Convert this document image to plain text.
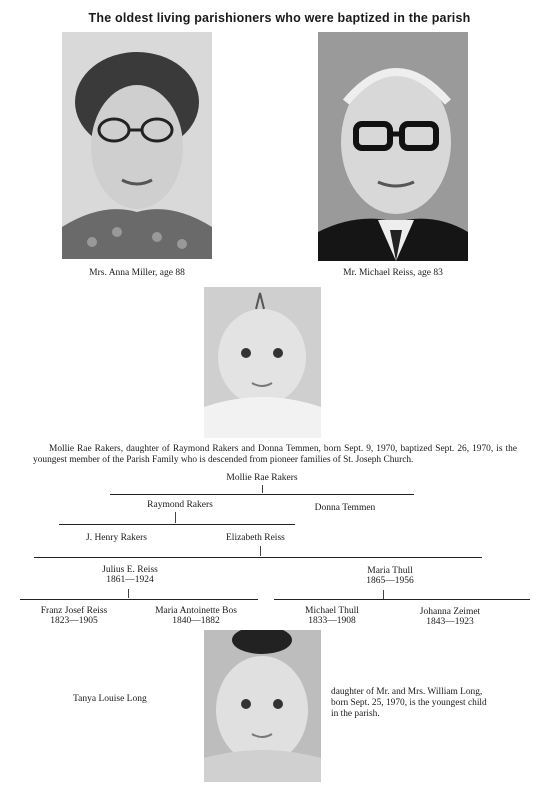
The oldest living parishioners who were baptized in the parish
Mrs. Anna Miller, age 88	Mr. Michael Reiss, age 83
Mollie Rae Rakers, daughter of Raymond Rakers and Donna Temmen, born Sept. 9, 1970, baptized Sept. 26, 1970, is the youngest member of the Parish Family who is descended from pioneer families of St. Joseph Church.
Mollie Rae Rakers
Raymond Rakers	Donna Temmen
J. Henry Rakers	Elizabeth Reiss
Julius E. Reiss
1861—1924
Maria Thull
1865—1956
Franz Josef Reiss
1823—1905
Maria Antoinette Bos
1840—1882
Michael Thull
1833—1908
Johanna Zeimet
1843—1923
Tanya Louise Long
daughter of Mr. and Mrs. William Long, born Sept. 25, 1970, is the youngest child in the parish.
